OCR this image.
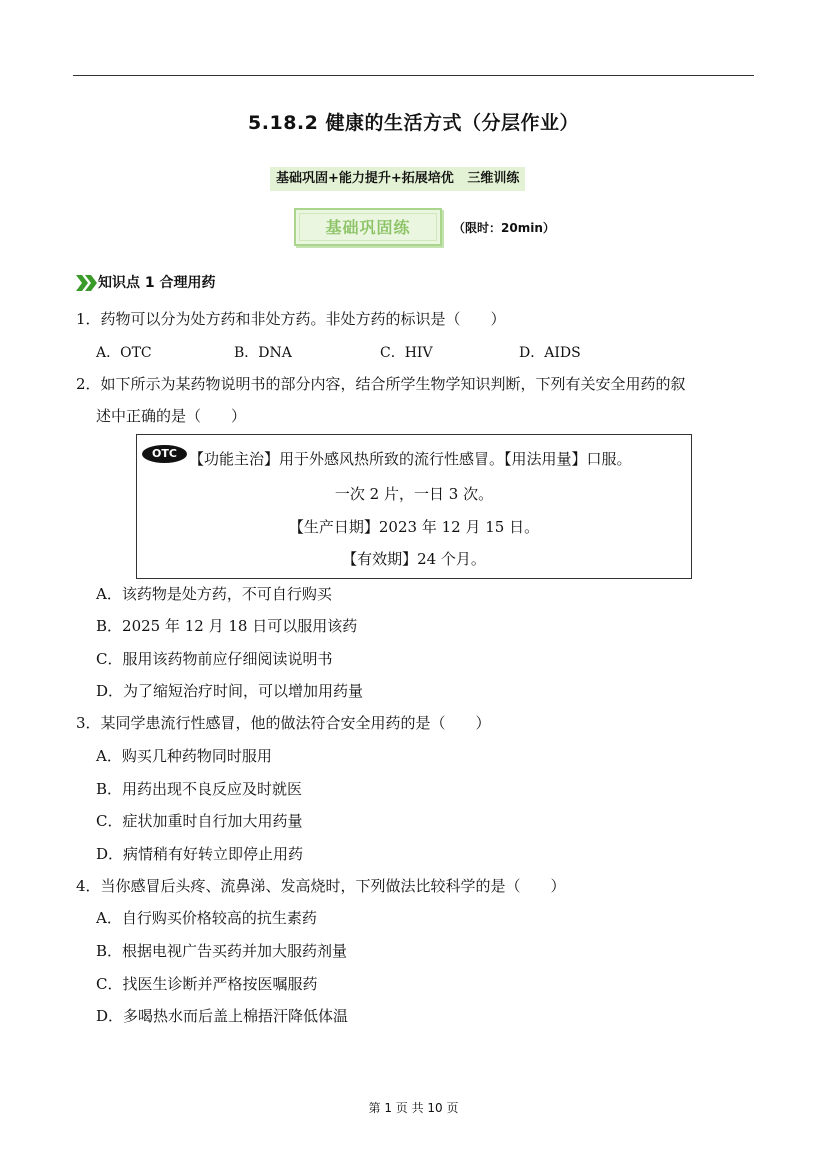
5.18.2 健康的生活方式（分层作业）
基础巩固+能力提升+拓展培优   三维训练
基础巩固练	（限时：20min）
知识点 1 合理用药
1．药物可以分为处方药和非处方药。非处方药的标识是（　　）
A．OTC	B．DNA	C．HIV	D．AIDS
2．如下所示为某药物说明书的部分内容，结合所学生物学知识判断，下列有关安全用药的叙
述中正确的是（　　）
OTC 【功能主治】用于外感风热所致的流行性感冒。【用法用量】口服。
一次 2 片，一日 3 次。
【生产日期】2023 年 12 月 15 日。
【有效期】24 个月。
A．该药物是处方药，不可自行购买
B．2025 年 12 月 18 日可以服用该药
C．服用该药物前应仔细阅读说明书
D．为了缩短治疗时间，可以增加用药量
3．某同学患流行性感冒，他的做法符合安全用药的是（　　）
A．购买几种药物同时服用
B．用药出现不良反应及时就医
C．症状加重时自行加大用药量
D．病情稍有好转立即停止用药
4．当你感冒后头疼、流鼻涕、发高烧时，下列做法比较科学的是（　　）
A．自行购买价格较高的抗生素药
B．根据电视广告买药并加大服药剂量
C．找医生诊断并严格按医嘱服药
D．多喝热水而后盖上棉捂汗降低体温
第 1 页 共 10 页
